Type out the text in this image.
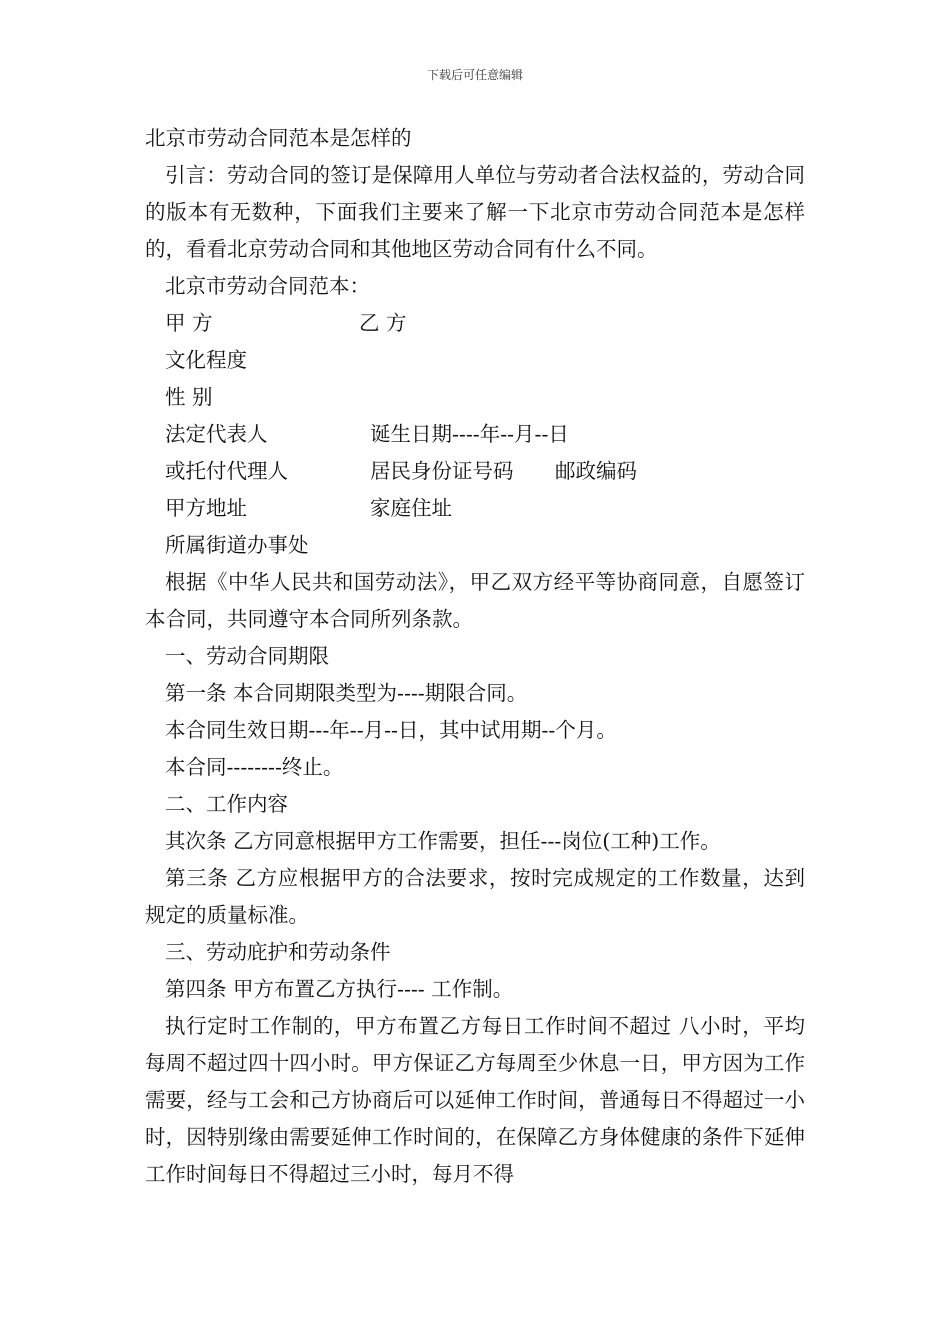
下载后可任意编辑
北京市劳动合同范本是怎样的

引言：劳动合同的签订是保障用人单位与劳动者合法权益的，劳动合同的版本有无数种，下面我们主要来了解一下北京市劳动合同范本是怎样的，看看北京劳动合同和其他地区劳动合同有什么不同。

北京市劳动合同范本：
甲 方	乙 方
文化程度
性 别
法定代表人	诞生日期----年--月--日
或托付代理人	居民身份证号码 邮政编码
甲方地址	家庭住址
所属街道办事处

根据《中华人民共和国劳动法》，甲乙双方经平等协商同意，自愿签订本合同，共同遵守本合同所列条款。

一、劳动合同期限
第一条 本合同期限类型为----期限合同。
本合同生效日期---年--月--日，其中试用期--个月。
本合同--------终止。
二、工作内容
其次条 乙方同意根据甲方工作需要，担任---岗位(工种)工作。

第三条 乙方应根据甲方的合法要求，按时完成规定的工作数量，达到规定的质量标准。

三、劳动庇护和劳动条件
第四条 甲方布置乙方执行---- 工作制。

执行定时工作制的，甲方布置乙方每日工作时间不超过 八小时，平均每周不超过四十四小时。甲方保证乙方每周至少休息一日，甲方因为工作需要，经与工会和己方协商后可以延伸工作时间，普通每日不得超过一小时，因特别缘由需要延伸工作时间的，在保障乙方身体健康的条件下延伸工作时间每日不得超过三小时，每月不得
